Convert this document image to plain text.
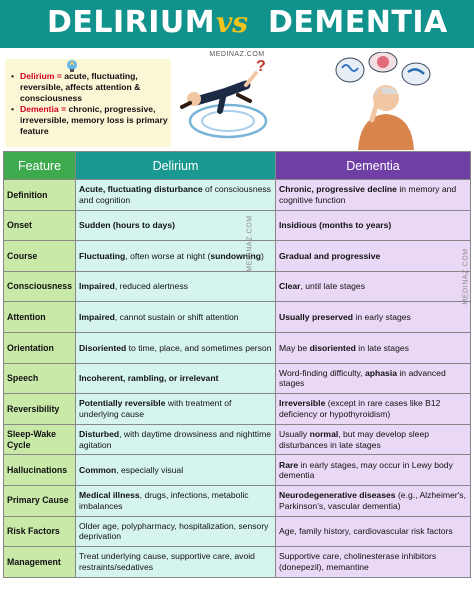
DELIRIUM vs DEMENTIA
MEDINAZ.COM
• Delirium = acute, fluctuating, reversible, affects attention & consciousness
• Dementia = chronic, progressive, irreversible, memory loss is primary feature
?
Feature	Delirium	Dementia
Definition	Acute, fluctuating disturbance of consciousness and cognition	Chronic, progressive decline in memory and cognitive function
Onset	Sudden (hours to days)	Insidious (months to years)
Course	Fluctuating, often worse at night (sundowning)	Gradual and progressive
Consciousness	Impaired, reduced alertness	Clear, until late stages
Attention	Impaired, cannot sustain or shift attention	Usually preserved in early stages
Orientation	Disoriented to time, place, and sometimes person	May be disoriented in late stages
Speech	Incoherent, rambling, or irrelevant	Word-finding difficulty, aphasia in advanced stages
Reversibility	Potentially reversible with treatment of underlying cause	Irreversible (except in rare cases like B12 deficiency or hypothyroidism)
Sleep-Wake Cycle	Disturbed, with daytime drowsiness and nighttime agitation	Usually normal, but may develop sleep disturbances in late stages
Hallucinations	Common, especially visual	Rare in early stages, may occur in Lewy body dementia
Primary Cause	Medical illness, drugs, infections, metabolic imbalances	Neurodegenerative diseases (e.g., Alzheimer's, Parkinson's, vascular dementia)
Risk Factors	Older age, polypharmacy, hospitalization, sensory deprivation	Age, family history, cardiovascular risk factors
Management	Treat underlying cause, supportive care, avoid restraints/sedatives	Supportive care, cholinesterase inhibitors (donepezil), memantine
MEDINAZ.COM
MEDINAZ.COM
